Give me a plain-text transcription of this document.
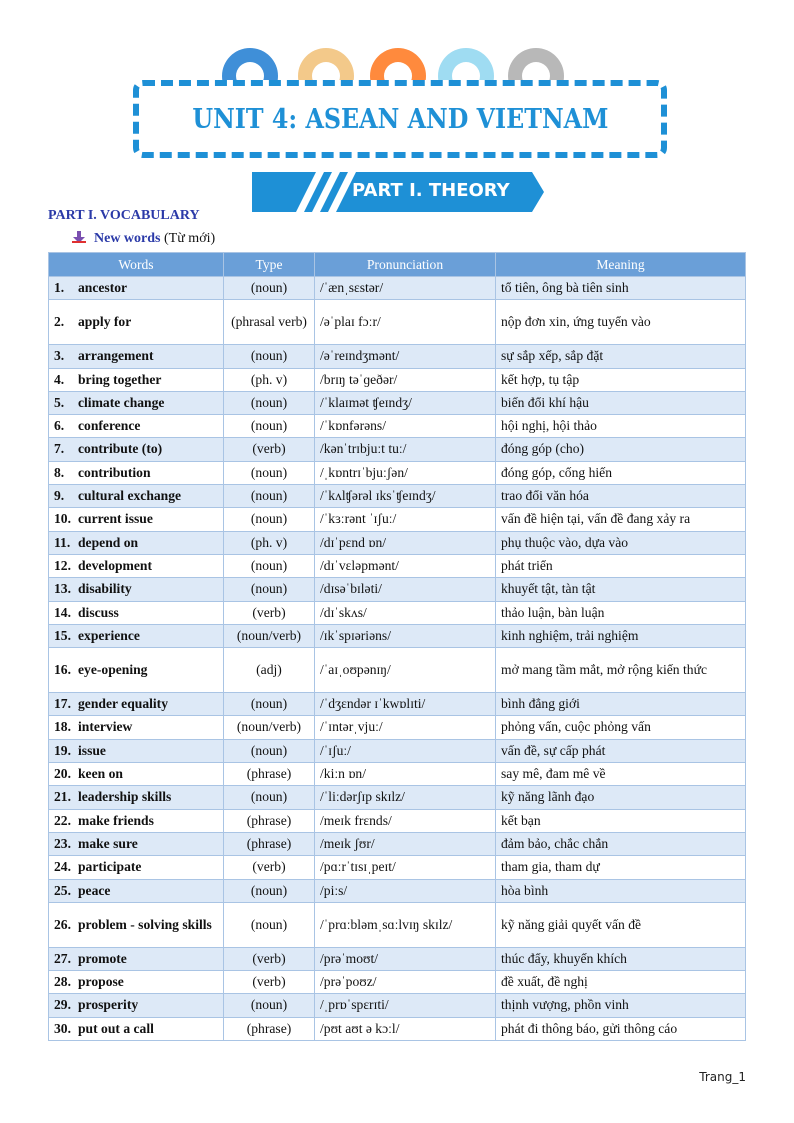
UNIT 4: ASEAN AND VIETNAM
PART I. THEORY
PART I. VOCABULARY
New words (Từ mới)
Words	Type	Pronunciation	Meaning
1. ancestor	(noun)	/ˈænˌsɛstər/	tổ tiên, ông bà tiên sinh
2. apply for	(phrasal verb)	/əˈplaɪ fɔːr/	nộp đơn xin, ứng tuyển vào
3. arrangement	(noun)	/əˈreɪndʒmənt/	sự sắp xếp, sắp đặt
4. bring together	(ph. v)	/brɪŋ təˈɡeðər/	kết hợp, tụ tập
5. climate change	(noun)	/ˈklaɪmət ʧeɪndʒ/	biến đổi khí hậu
6. conference	(noun)	/ˈkɒnfərəns/	hội nghị, hội thảo
7. contribute (to)	(verb)	/kənˈtrɪbjuːt tuː/	đóng góp (cho)
8. contribution	(noun)	/ˌkɒntrɪˈbjuːʃən/	đóng góp, cống hiến
9. cultural exchange	(noun)	/ˈkʌlʧərəl ɪksˈʧeɪndʒ/	trao đổi văn hóa
10. current issue	(noun)	/ˈkɜːrənt ˈɪʃuː/	vấn đề hiện tại, vấn đề đang xảy ra
11. depend on	(ph. v)	/dɪˈpɛnd ɒn/	phụ thuộc vào, dựa vào
12. development	(noun)	/dɪˈvɛləpmənt/	phát triển
13. disability	(noun)	/dɪsəˈbɪləti/	khuyết tật, tàn tật
14. discuss	(verb)	/dɪˈskʌs/	thảo luận, bàn luận
15. experience	(noun/verb)	/ɪkˈspɪəriəns/	kinh nghiệm, trải nghiệm
16. eye-opening	(adj)	/ˈaɪˌoʊpənɪŋ/	mở mang tầm mắt, mở rộng kiến thức
17. gender equality	(noun)	/ˈdʒɛndər ɪˈkwɒlɪti/	bình đẳng giới
18. interview	(noun/verb)	/ˈɪntərˌvjuː/	phỏng vấn, cuộc phỏng vấn
19. issue	(noun)	/ˈɪʃuː/	vấn đề, sự cấp phát
20. keen on	(phrase)	/kiːn ɒn/	say mê, đam mê về
21. leadership skills	(noun)	/ˈliːdərʃɪp skɪlz/	kỹ năng lãnh đạo
22. make friends	(phrase)	/meɪk frɛnds/	kết bạn
23. make sure	(phrase)	/meɪk ʃʊr/	đảm bảo, chắc chắn
24. participate	(verb)	/pɑːrˈtɪsɪˌpeɪt/	tham gia, tham dự
25. peace	(noun)	/piːs/	hòa bình
26. problem - solving skills	(noun)	/ˈprɑːbləmˌsɑːlvɪŋ skɪlz/	kỹ năng giải quyết vấn đề
27. promote	(verb)	/prəˈmoʊt/	thúc đẩy, khuyến khích
28. propose	(verb)	/prəˈpoʊz/	đề xuất, đề nghị
29. prosperity	(noun)	/ˌprɒˈspɛrɪti/	thịnh vượng, phồn vinh
30. put out a call	(phrase)	/pʊt aʊt ə kɔːl/	phát đi thông báo, gửi thông cáo
Trang_1
